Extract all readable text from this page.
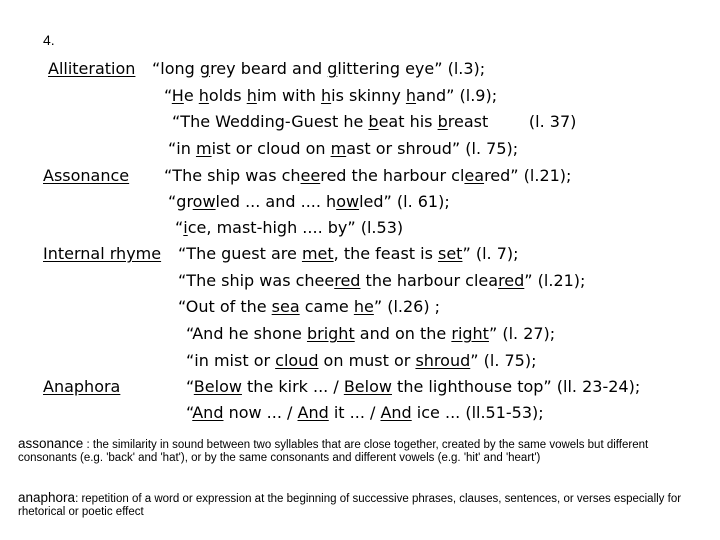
4.
Alliteration
Assonance
Internal rhyme
Anaphora
“long grey beard and glittering eye” (l.3);
“He holds him with his skinny hand” (l.9);
“The Wedding-Guest he beat his breast        (l. 37)
“in mist or cloud on mast or shroud” (l. 75);
“The ship was cheered the harbour cleared” (l.21);
“growled ... and .... howled” (l. 61);
“ice, mast-high .... by” (l.53)
“The guest are met, the feast is set” (l. 7);
“The ship was cheered the harbour cleared” (l.21);
“Out of the sea came he” (l.26) ;
“And he shone bright and on the right” (l. 27);
“in mist or cloud on must or shroud” (l. 75);
“Below the kirk ... / Below the lighthouse top” (ll. 23-24);
“And now ... / And it ... / And ice ... (ll.51-53);
assonance : the similarity in sound between two syllables that are close together, created by the same vowels but different consonants (e.g. 'back' and 'hat'), or by the same consonants and different vowels (e.g. 'hit' and 'heart')
anaphora: repetition of a word or expression at the beginning of successive phrases, clauses, sentences, or verses especially for rhetorical or poetic effect
